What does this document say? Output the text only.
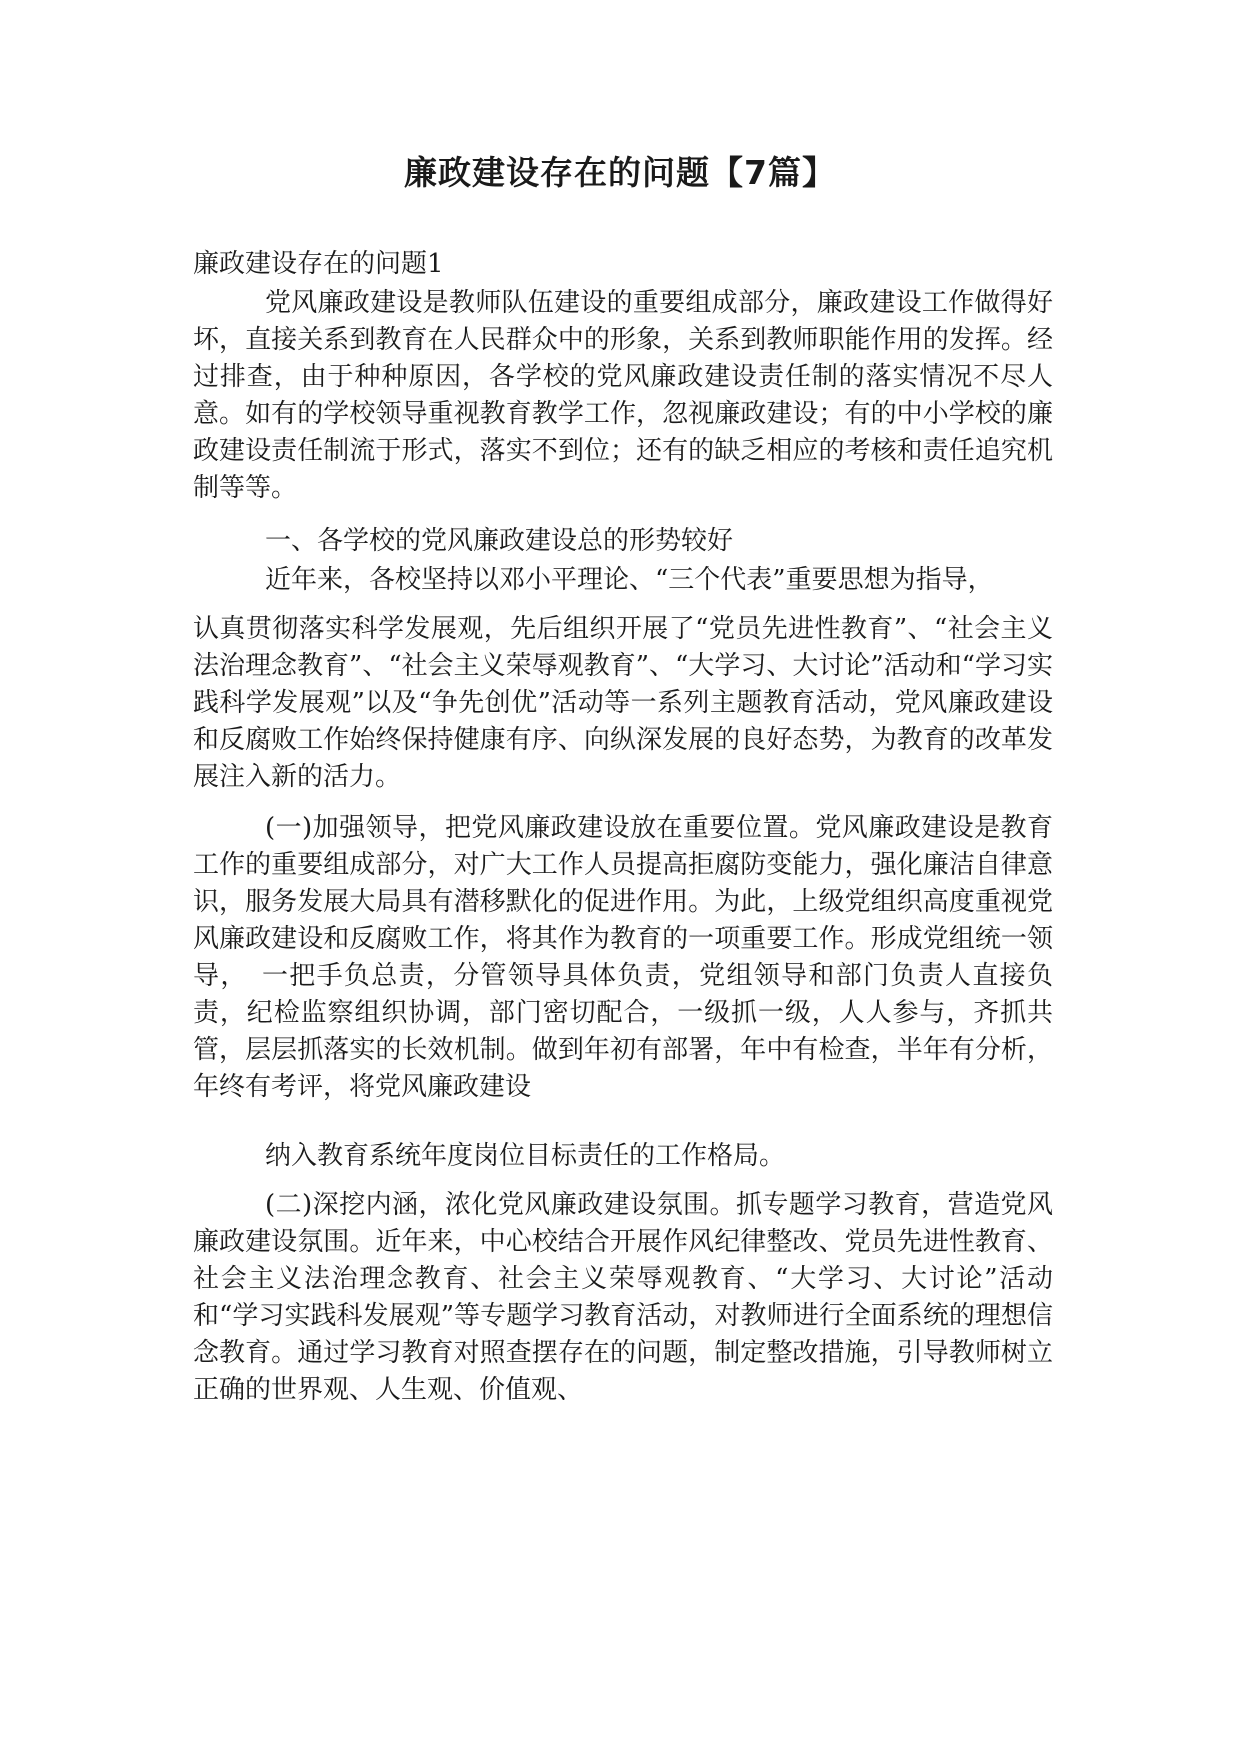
廉政建设存在的问题【7篇】
廉政建设存在的问题1
党风廉政建设是教师队伍建设的重要组成部分，廉政建设工作做得好坏，直接关系到教育在人民群众中的形象，关系到教师职能作用的发挥。经过排查，由于种种原因，各学校的党风廉政建设责任制的落实情况不尽人意。如有的学校领导重视教育教学工作，忽视廉政建设；有的中小学校的廉政建设责任制流于形式，落实不到位；还有的缺乏相应的考核和责任追究机制等等。
一、各学校的党风廉政建设总的形势较好
近年来，各校坚持以邓小平理论、“三个代表”重要思想为指导，
认真贯彻落实科学发展观，先后组织开展了“党员先进性教育”、“社会主义法治理念教育”、“社会主义荣辱观教育”、“大学习、大讨论”活动和“学习实践科学发展观”以及“争先创优”活动等一系列主题教育活动，党风廉政建设和反腐败工作始终保持健康有序、向纵深发展的良好态势，为教育的改革发展注入新的活力。
(一)加强领导，把党风廉政建设放在重要位置。党风廉政建设是教育工作的重要组成部分，对广大工作人员提高拒腐防变能力，强化廉洁自律意识，服务发展大局具有潜移默化的促进作用。为此，上级党组织高度重视党风廉政建设和反腐败工作，将其作为教育的一项重要工作。形成党组统一领导，　一把手负总责，分管领导具体负责，党组领导和部门负责人直接负责，纪检监察组织协调，部门密切配合，一级抓一级，人人参与，齐抓共管，层层抓落实的长效机制。做到年初有部署，年中有检查，半年有分析，年终有考评，将党风廉政建设
纳入教育系统年度岗位目标责任的工作格局。
(二)深挖内涵，浓化党风廉政建设氛围。抓专题学习教育，营造党风廉政建设氛围。近年来，中心校结合开展作风纪律整改、党员先进性教育、社会主义法治理念教育、社会主义荣辱观教育、“大学习、大讨论”活动和“学习实践科发展观”等专题学习教育活动，对教师进行全面系统的理想信念教育。通过学习教育对照查摆存在的问题，制定整改措施，引导教师树立正确的世界观、人生观、价值观、
